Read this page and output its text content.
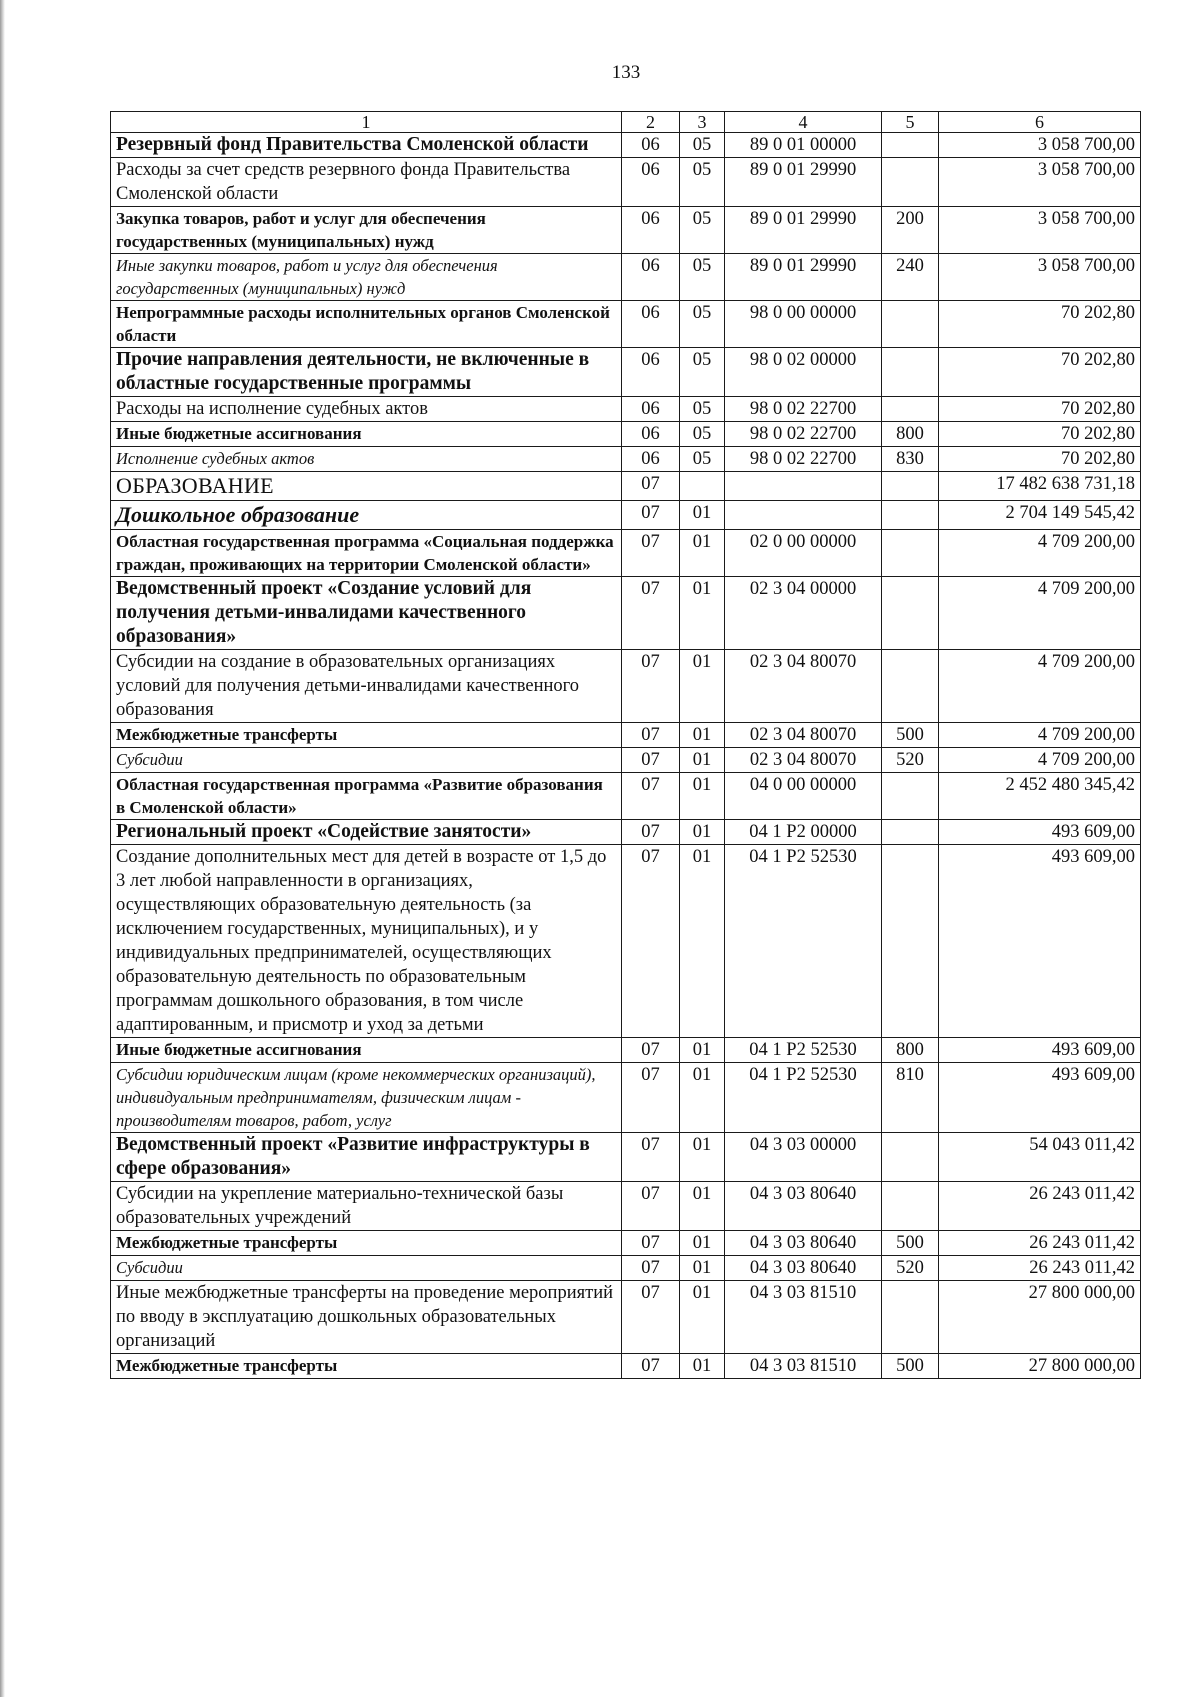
133
1	2	3	4	5	6
Резервный фонд Правительства Смоленской области	06	05	89 0 01 00000		3 058 700,00
Расходы за счет средств резервного фонда Правительства Смоленской области	06	05	89 0 01 29990		3 058 700,00
Закупка товаров, работ и услуг для обеспечения государственных (муниципальных) нужд	06	05	89 0 01 29990	200	3 058 700,00
Иные закупки товаров, работ и услуг для обеспечения государственных (муниципальных) нужд	06	05	89 0 01 29990	240	3 058 700,00
Непрограммные расходы исполнительных органов Смоленской области	06	05	98 0 00 00000		70 202,80
Прочие направления деятельности, не включенные в областные государственные программы	06	05	98 0 02 00000		70 202,80
Расходы на исполнение судебных актов	06	05	98 0 02 22700		70 202,80
Иные бюджетные ассигнования	06	05	98 0 02 22700	800	70 202,80
Исполнение судебных актов	06	05	98 0 02 22700	830	70 202,80
ОБРАЗОВАНИЕ	07				17 482 638 731,18
Дошкольное образование	07	01			2 704 149 545,42
Областная государственная программа «Социальная поддержка граждан, проживающих на территории Смоленской области»	07	01	02 0 00 00000		4 709 200,00
Ведомственный проект «Создание условий для получения детьми-инвалидами качественного образования»	07	01	02 3 04 00000		4 709 200,00
Субсидии на создание в образовательных организациях условий для получения детьми-инвалидами качественного образования	07	01	02 3 04 80070		4 709 200,00
Межбюджетные трансферты	07	01	02 3 04 80070	500	4 709 200,00
Субсидии	07	01	02 3 04 80070	520	4 709 200,00
Областная государственная программа «Развитие образования в Смоленской области»	07	01	04 0 00 00000		2 452 480 345,42
Региональный проект «Содействие занятости»	07	01	04 1 Р2 00000		493 609,00
Создание дополнительных мест для детей в возрасте от 1,5 до 3 лет любой направленности в организациях, осуществляющих образовательную деятельность (за исключением государственных, муниципальных), и у индивидуальных предпринимателей, осуществляющих образовательную деятельность по образовательным программам дошкольного образования, в том числе адаптированным, и присмотр и уход за детьми	07	01	04 1 Р2 52530		493 609,00
Иные бюджетные ассигнования	07	01	04 1 Р2 52530	800	493 609,00
Субсидии юридическим лицам (кроме некоммерческих организаций), индивидуальным предпринимателям, физическим лицам - производителям товаров, работ, услуг	07	01	04 1 Р2 52530	810	493 609,00
Ведомственный проект «Развитие инфраструктуры в сфере образования»	07	01	04 3 03 00000		54 043 011,42
Субсидии на укрепление материально-технической базы образовательных учреждений	07	01	04 3 03 80640		26 243 011,42
Межбюджетные трансферты	07	01	04 3 03 80640	500	26 243 011,42
Субсидии	07	01	04 3 03 80640	520	26 243 011,42
Иные межбюджетные трансферты на проведение мероприятий по вводу в эксплуатацию дошкольных образовательных организаций	07	01	04 3 03 81510		27 800 000,00
Межбюджетные трансферты	07	01	04 3 03 81510	500	27 800 000,00
